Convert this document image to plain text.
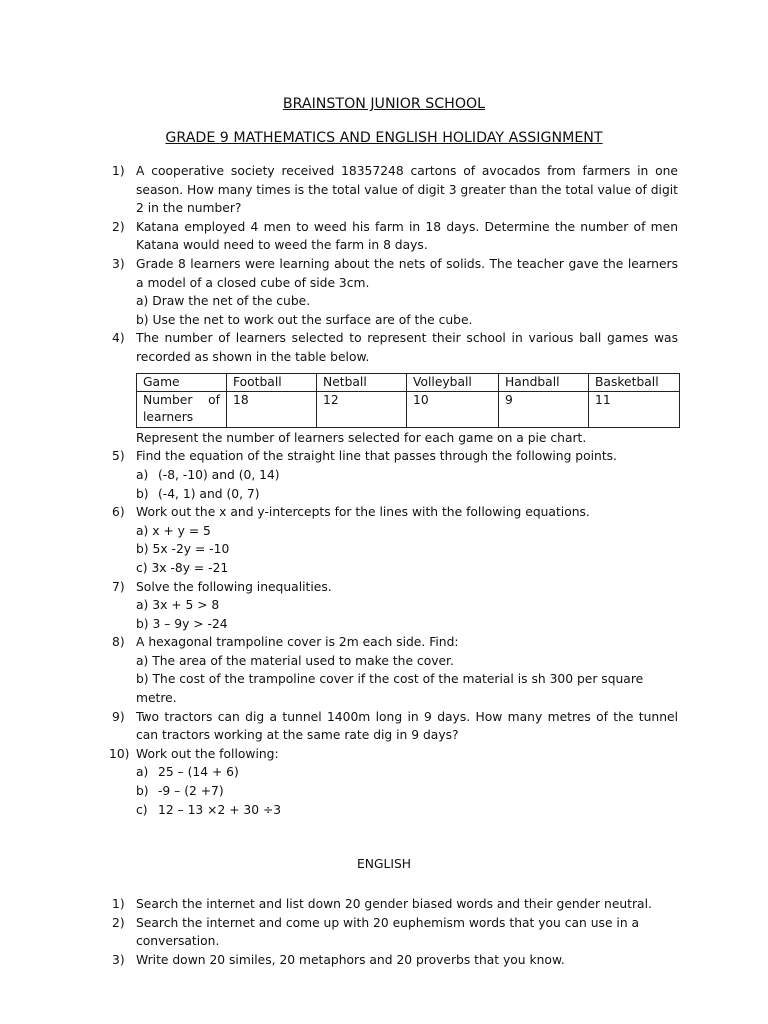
BRAINSTON JUNIOR SCHOOL
GRADE 9 MATHEMATICS AND ENGLISH HOLIDAY ASSIGNMENT
1) A cooperative society received 18357248 cartons of avocados from farmers in one season. How many times is the total value of digit 3 greater than the total value of digit 2 in the number?
2) Katana employed 4 men to weed his farm in 18 days. Determine the number of men Katana would need to weed the farm in 8 days.
3) Grade 8 learners were learning about the nets of solids. The teacher gave the learners a model of a closed cube of side 3cm.
a) Draw the net of the cube.
b) Use the net to work out the surface are of the cube.
4) The number of learners selected to represent their school in various ball games was recorded as shown in the table below.
Game	Football	Netball	Volleyball	Handball	Basketball

Number of
learners	18	12	10	9	11
Represent the number of learners selected for each game on a pie chart.
5) Find the equation of the straight line that passes through the following points.
a) (-8, -10) and (0, 14)
b) (-4, 1) and (0, 7)
6) Work out the x and y-intercepts for the lines with the following equations.
a) x + y = 5
b) 5x -2y = -10
c) 3x -8y = -21
7) Solve the following inequalities.
a) 3x + 5 > 8
b) 3 – 9y > -24
8) A hexagonal trampoline cover is 2m each side. Find:
a) The area of the material used to make the cover.
b) The cost of the trampoline cover if the cost of the material is sh 300 per square metre.
9) Two tractors can dig a tunnel 1400m long in 9 days. How many metres of the tunnel can tractors working at the same rate dig in 9 days?
10) Work out the following:
a) 25 – (14 + 6)
b) -9 – (2 +7)
c) 12 – 13 ×2 + 30 ÷3
ENGLISH
1) Search the internet and list down 20 gender biased words and their gender neutral.
2) Search the internet and come up with 20 euphemism words that you can use in a conversation.
3) Write down 20 similes, 20 metaphors and 20 proverbs that you know.
